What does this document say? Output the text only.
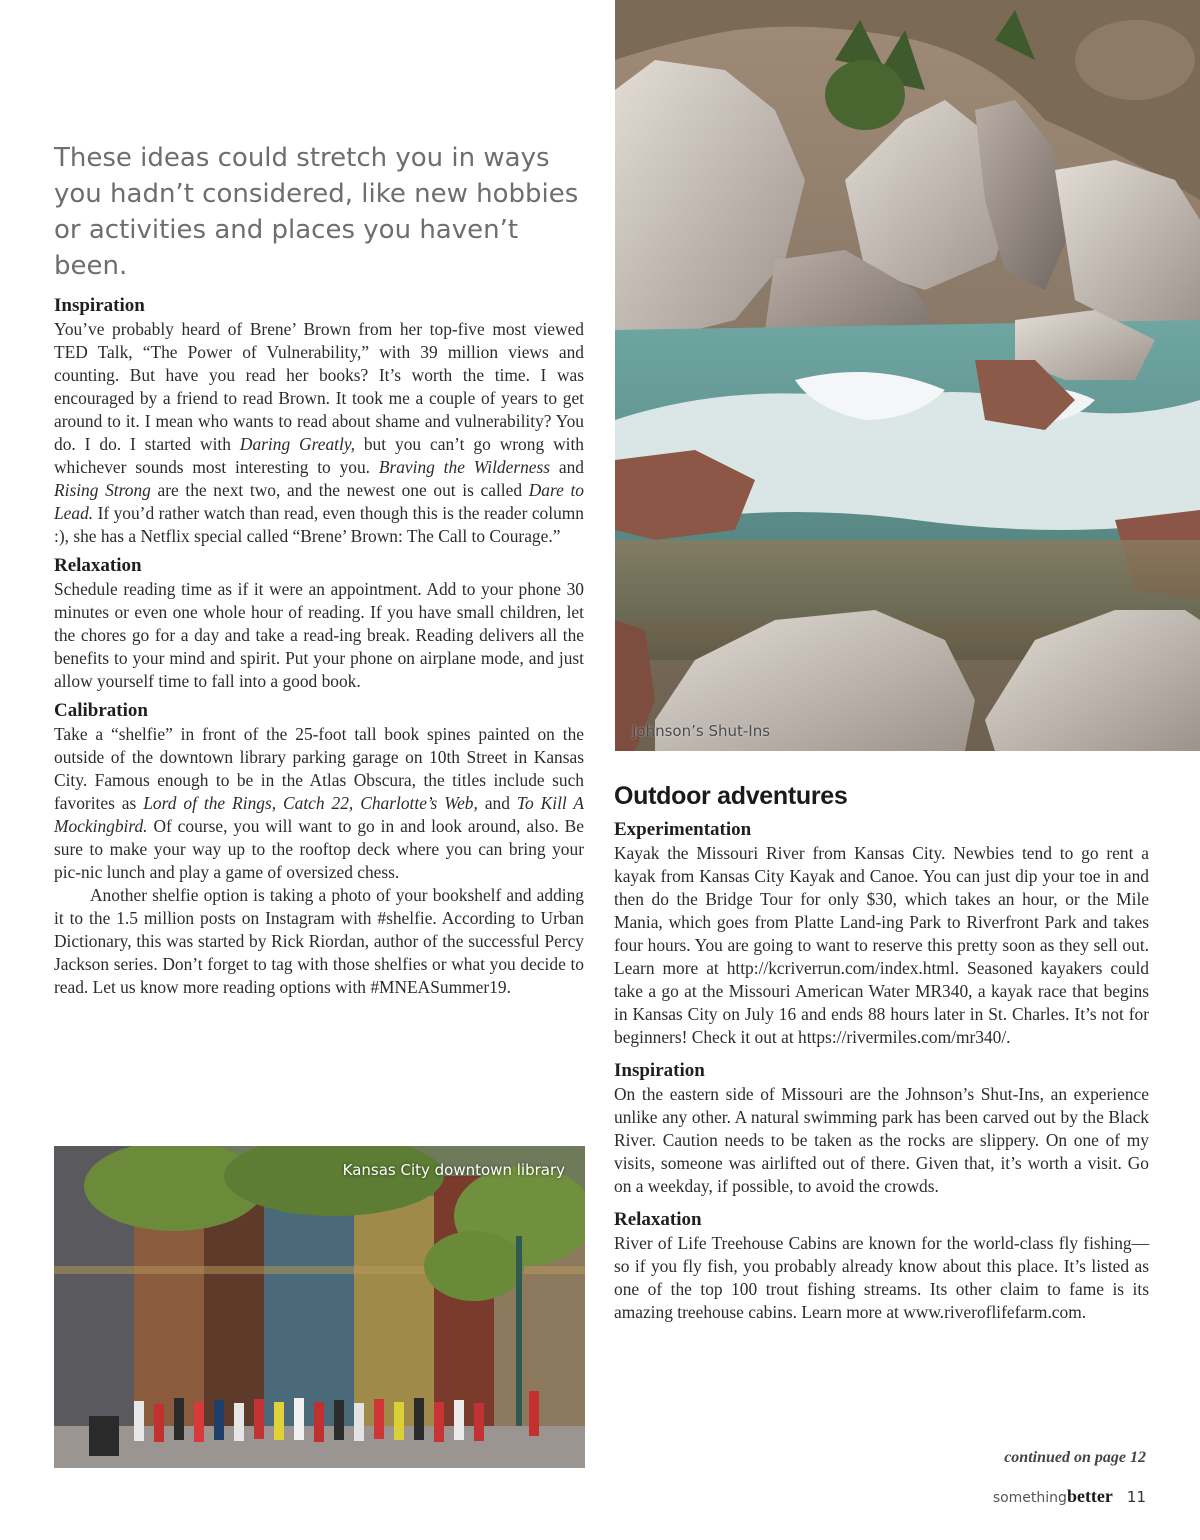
Johnson’s Shut-Ins
These ideas could stretch you in ways you hadn’t considered, like new hobbies or activities and places you haven’t been.
Inspiration

You’ve probably heard of Brene’ Brown from her top-five most viewed TED Talk, “The Power of Vulnerability,” with 39 million views and counting. But have you read her books? It’s worth the time. I was encouraged by a friend to read Brown. It took me a couple of years to get around to it. I mean who wants to read about shame and vulnerability? You do. I do. I started with Daring Greatly, but you can’t go wrong with whichever sounds most interesting to you. Braving the Wilderness and Rising Strong are the next two, and the newest one out is called Dare to Lead. If you’d rather watch than read, even though this is the reader column :), she has a Netflix special called “Brene’ Brown: The Call to Courage.”

Relaxation

Schedule reading time as if it were an appointment. Add to your phone 30 minutes or even one whole hour of reading. If you have small children, let the chores go for a day and take a read-ing break. Reading delivers all the benefits to your mind and spirit. Put your phone on airplane mode, and just allow yourself time to fall into a good book.

Calibration

Take a “shelfie” in front of the 25-foot tall book spines painted on the outside of the downtown library parking garage on 10th Street in Kansas City. Famous enough to be in the Atlas Obscura, the titles include such favorites as Lord of the Rings, Catch 22, Charlotte’s Web, and To Kill A Mockingbird. Of course, you will want to go in and look around, also. Be sure to make your way up to the rooftop deck where you can bring your pic-nic lunch and play a game of oversized chess.

Another shelfie option is taking a photo of your bookshelf and adding it to the 1.5 million posts on Instagram with #shelfie. According to Urban Dictionary, this was started by Rick Riordan, author of the successful Percy Jackson series. Don’t forget to tag with those shelfies or what you decide to read. Let us know more reading options with #MNEASummer19.

Kansas City downtown library
Outdoor adventures
Experimentation

Kayak the Missouri River from Kansas City. Newbies tend to go rent a kayak from Kansas City Kayak and Canoe. You can just dip your toe in and then do the Bridge Tour for only $30, which takes an hour, or the Mile Mania, which goes from Platte Land-ing Park to Riverfront Park and takes four hours. You are going to want to reserve this pretty soon as they sell out. Learn more at http://kcriverrun.com/index.html. Seasoned kayakers could take a go at the Missouri American Water MR340, a kayak race that begins in Kansas City on July 16 and ends 88 hours later in St. Charles. It’s not for beginners! Check it out at https://rivermiles.com/mr340/.

Inspiration

On the eastern side of Missouri are the Johnson’s Shut-Ins, an experience unlike any other. A natural swimming park has been carved out by the Black River. Caution needs to be taken as the rocks are slippery. On one of my visits, someone was airlifted out of there. Given that, it’s worth a visit. Go on a weekday, if possible, to avoid the crowds.

Relaxation

River of Life Treehouse Cabins are known for the world-class fly fishing—so if you fly fish, you probably already know about this place. It’s listed as one of the top 100 trout fishing streams. Its other claim to fame is its amazing treehouse cabins. Learn more at www.riveroflifefarm.com.

continued on page 12
somethingbetter 11
